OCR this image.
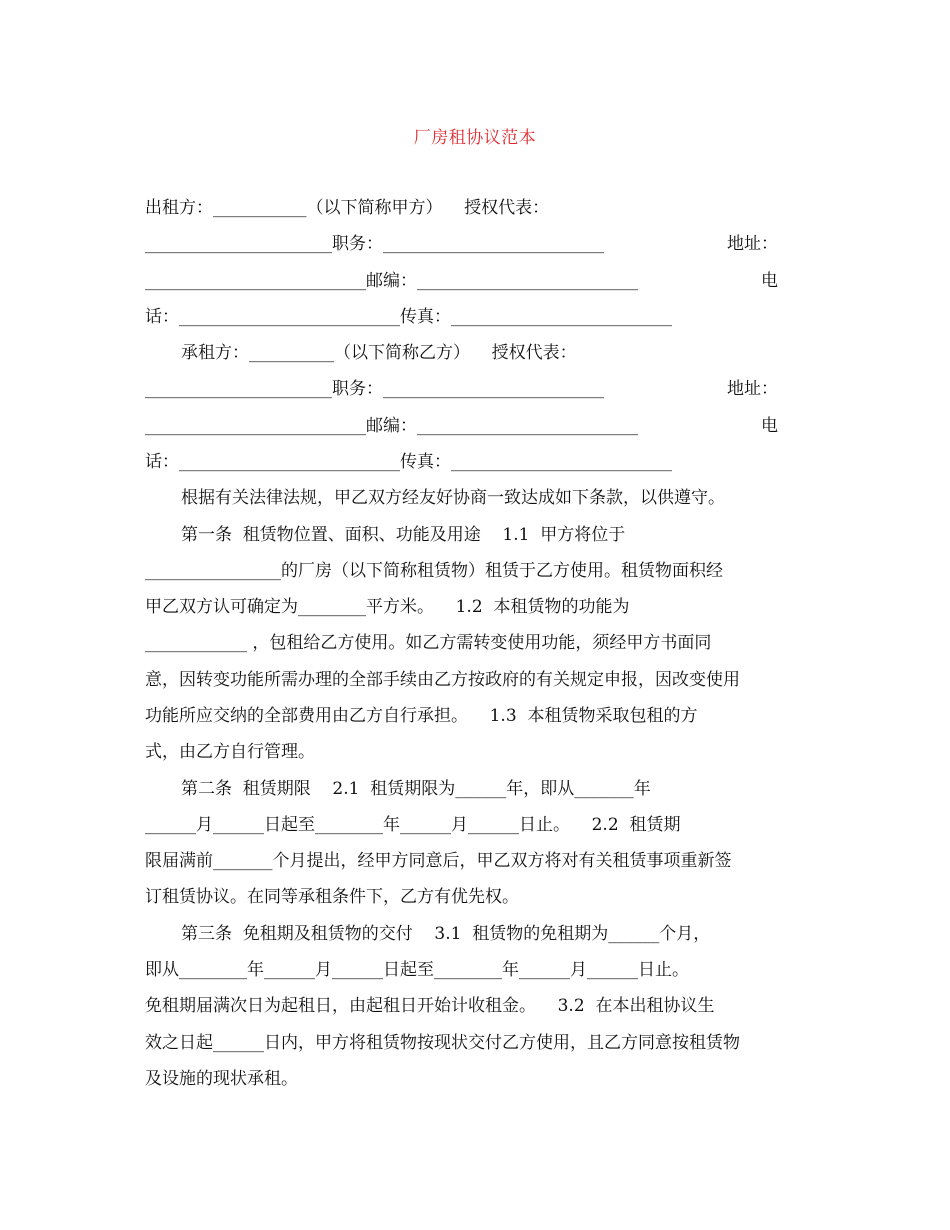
厂房租协议范本
出租方：___________（以下简称甲方）    授权代表：
______________________职务：__________________________	地址：
__________________________邮编：__________________________	电
话：__________________________传真：__________________________
承租方：__________（以下简称乙方）    授权代表：
______________________职务：__________________________	地址：
__________________________邮编：__________________________	电
话：__________________________传真：__________________________
根据有关法律法规，甲乙双方经友好协商一致达成如下条款，以供遵守。
第一条  租赁物位置、面积、功能及用途    1.1  甲方将位于
________________的厂房（以下简称租赁物）租赁于乙方使用。租赁物面积经
甲乙双方认可确定为________平方米。    1.2  本租赁物的功能为
____________ ，包租给乙方使用。如乙方需转变使用功能，须经甲方书面同
意，因转变功能所需办理的全部手续由乙方按政府的有关规定申报，因改变使用
功能所应交纳的全部费用由乙方自行承担。    1.3  本租赁物采取包租的方
式，由乙方自行管理。
第二条  租赁期限    2.1  租赁期限为______年，即从_______年
______月______日起至________年______月______日止。    2.2  租赁期
限届满前_______个月提出，经甲方同意后，甲乙双方将对有关租赁事项重新签
订租赁协议。在同等承租条件下，乙方有优先权。
第三条  免租期及租赁物的交付    3.1  租赁物的免租期为______个月，
即从________年______月______日起至________年______月______日止。
免租期届满次日为起租日，由起租日开始计收租金。    3.2  在本出租协议生
效之日起______日内，甲方将租赁物按现状交付乙方使用，且乙方同意按租赁物
及设施的现状承租。
